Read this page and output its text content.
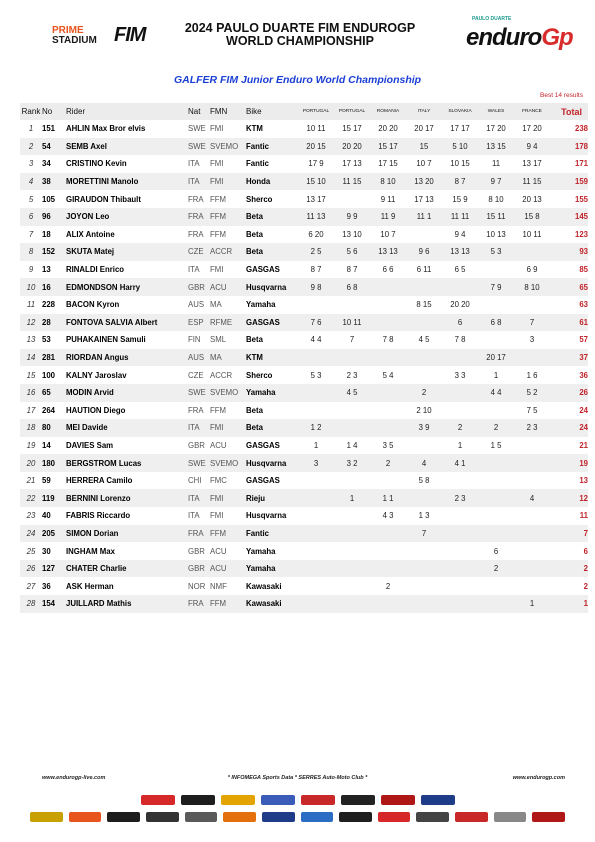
PRIME
STADIUM FIM	2024 PAULO DUARTE FIM ENDUROGP
WORLD CHAMPIONSHIP
PAULO DUARTE
enduroGp
GALFER FIM Junior Enduro World Championship
Best 14 results
Rank	No	Rider	Nat	FMN	Bike	PORTUGAL	PORTUGAL	ROMANIA	ITALY	SLOVAKIA	WALES	FRANCE	Total
1	151	AHLIN Max Bror elvis	SWE	FMI	KTM	10 11	15 17	20 20	20 17	17 17	17 20	17 20	238
2	54	SEMB Axel	SWE	SVEMO	Fantic	20 15	20 20	15 17	15	5 10	13 15	9 4	178
3	34	CRISTINO Kevin	ITA	FMI	Fantic	17 9	17 13	17 15	10 7	10 15	11	13 17	171
4	38	MORETTINI Manolo	ITA	FMI	Honda	15 10	11 15	8 10	13 20	8 7	9 7	11 15	159
5	105	GIRAUDON Thibault	FRA	FFM	Sherco	13 17		9 11	17 13	15 9	8 10	20 13	155
6	96	JOYON Leo	FRA	FFM	Beta	11 13	9 9	11 9	11 1	11 11	15 11	15 8	145
7	18	ALIX Antoine	FRA	FFM	Beta	6 20	13 10	10 7		9 4	10 13	10 11	123
8	152	SKUTA Matej	CZE	ACCR	Beta	2 5	5 6	13 13	9 6	13 13	5 3		93
9	13	RINALDI Enrico	ITA	FMI	GASGAS	8 7	8 7	6 6	6 11	6 5		6 9	85
10	16	EDMONDSON Harry	GBR	ACU	Husqvarna	9 8	6 8				7 9	8 10	65
11	228	BACON Kyron	AUS	MA	Yamaha				8 15	20 20			63
12	28	FONTOVA SALVIA Albert	ESP	RFME	GASGAS	7 6	10 11			6	6 8	7	61
13	53	PUHAKAINEN Samuli	FIN	SML	Beta	4 4	7	7 8	4 5	7 8		3	57
14	281	RIORDAN Angus	AUS	MA	KTM						20 17		37
15	100	KALNY Jaroslav	CZE	ACCR	Sherco	5 3	2 3	5 4		3 3	1	1 6	36
16	65	MODIN Arvid	SWE	SVEMO	Yamaha		4 5		2		4 4	5 2	26
17	264	HAUTION Diego	FRA	FFM	Beta				2 10			7 5	24
18	80	MEI Davide	ITA	FMI	Beta	1 2			3 9	2	2	2 3	24
19	14	DAVIES Sam	GBR	ACU	GASGAS	1	1 4	3 5		1	1 5		21
20	180	BERGSTROM Lucas	SWE	SVEMO	Husqvarna	3	3 2	2	4	4 1			19
21	59	HERRERA Camilo	CHI	FMC	GASGAS				5 8				13
22	119	BERNINI Lorenzo	ITA	FMI	Rieju		1	1 1		2 3		4	12
23	40	FABRIS Riccardo	ITA	FMI	Husqvarna			4 3	1 3				11
24	205	SIMON Dorian	FRA	FFM	Fantic				7				7
25	30	INGHAM Max	GBR	ACU	Yamaha						6		6
26	127	CHATER Charlie	GBR	ACU	Yamaha						2		2
27	36	ASK Herman	NOR	NMF	Kawasaki			2					2
28	154	JUILLARD Mathis	FRA	FFM	Kawasaki							1	1
www.endurogp-live.com	* INFOMEGA Sports Data * SERRES Auto-Moto Club *	www.endurogp.com
